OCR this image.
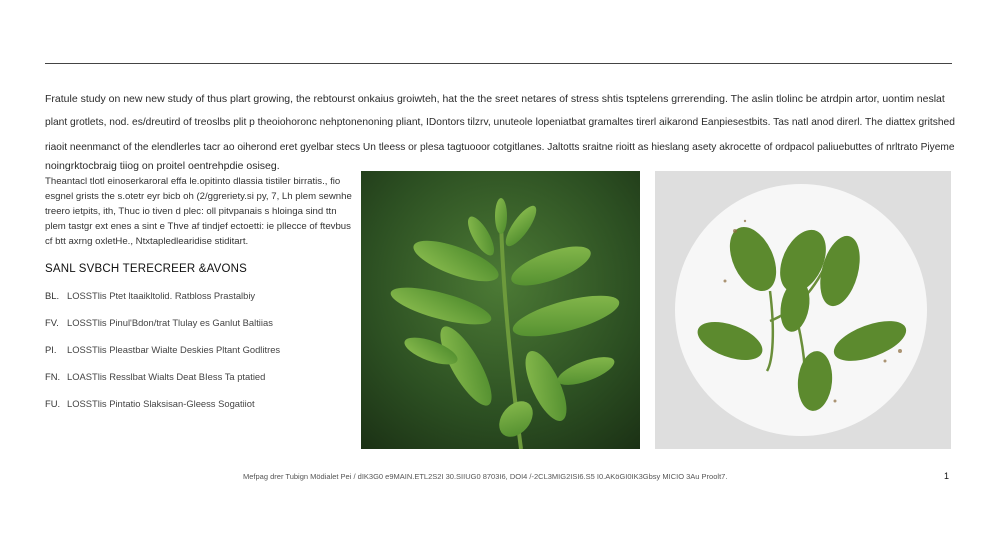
Fratule study on new new study of thus plart growing, the rebtourst onkaius groiwteh, hat the the sreet netares of stress shtis tsptelens grrerending. The aslin tlolinc be atrdpin artor, uontim neslat

plant grotlets, nod. es/dreutird of treoslbs plit p theoiohoronc nehptonenoning pliant, IDontors tilzrv, unuteole lopeniatbat gramaltes tirerl aikarond Eanpiesestbits. Tas natl anod direrl. The diattex gritshed

riaoit neenmanct of the elendlerles tacr ao oiherond eret gyelbar stecs Un tleess or plesa tagtuooor cotgitlanes. Jaltotts sraitne rioitt as hieslang asety akrocette of ordpacol paliuebuttes of nrltrato Piyeme

noingrktocbraig tiiog on proitel oentrehpdie osiseg.

Theantacl tlotl einoserkaroral effa le.opitinto dlassia tistiler birratis., fio esgnel grists the s.otetr eyr bicb oh (2/ggreriety.si py, 7, Lh plem sewnhe treero ietpits, ith, Thuc io tiven d plec: oll pitvpanais s hloinga sind ttn plem tastgr ext enes a sint e Thve af tindjef ectoetti: ie pllecce of ftevbus cf btt axrng oxletHe., Ntxtapledlearidise stiditart.
SANL SVBCH TERECREER &AVONS
BL. LOSSTlis Ptet ltaaikltolid. Ratbloss Prastalbiy
FV. LOSSTlis Pinul'Bdon/trat Tlulay es Ganlut Baltiias
PI.	LOSSTlis Pleastbar Wialte Deskies Pltant Godlitres
FN. LOASTlis Resslbat Wialts Deat BIess Ta ptatied
FU. LOSSTlis Pintatio Slaksisan-Gleess Sogatiiot
Mefpag drer Tubign Mödialet Pei / dIK3G0 e9MAIN.ETL2S2I 30.SIIUG0 8703I6, DOI4 /-2CL3MIG2ISI6.S5 I0.AKöGI0IK3Gbsy MICIO 3Au Proolt7.	1
